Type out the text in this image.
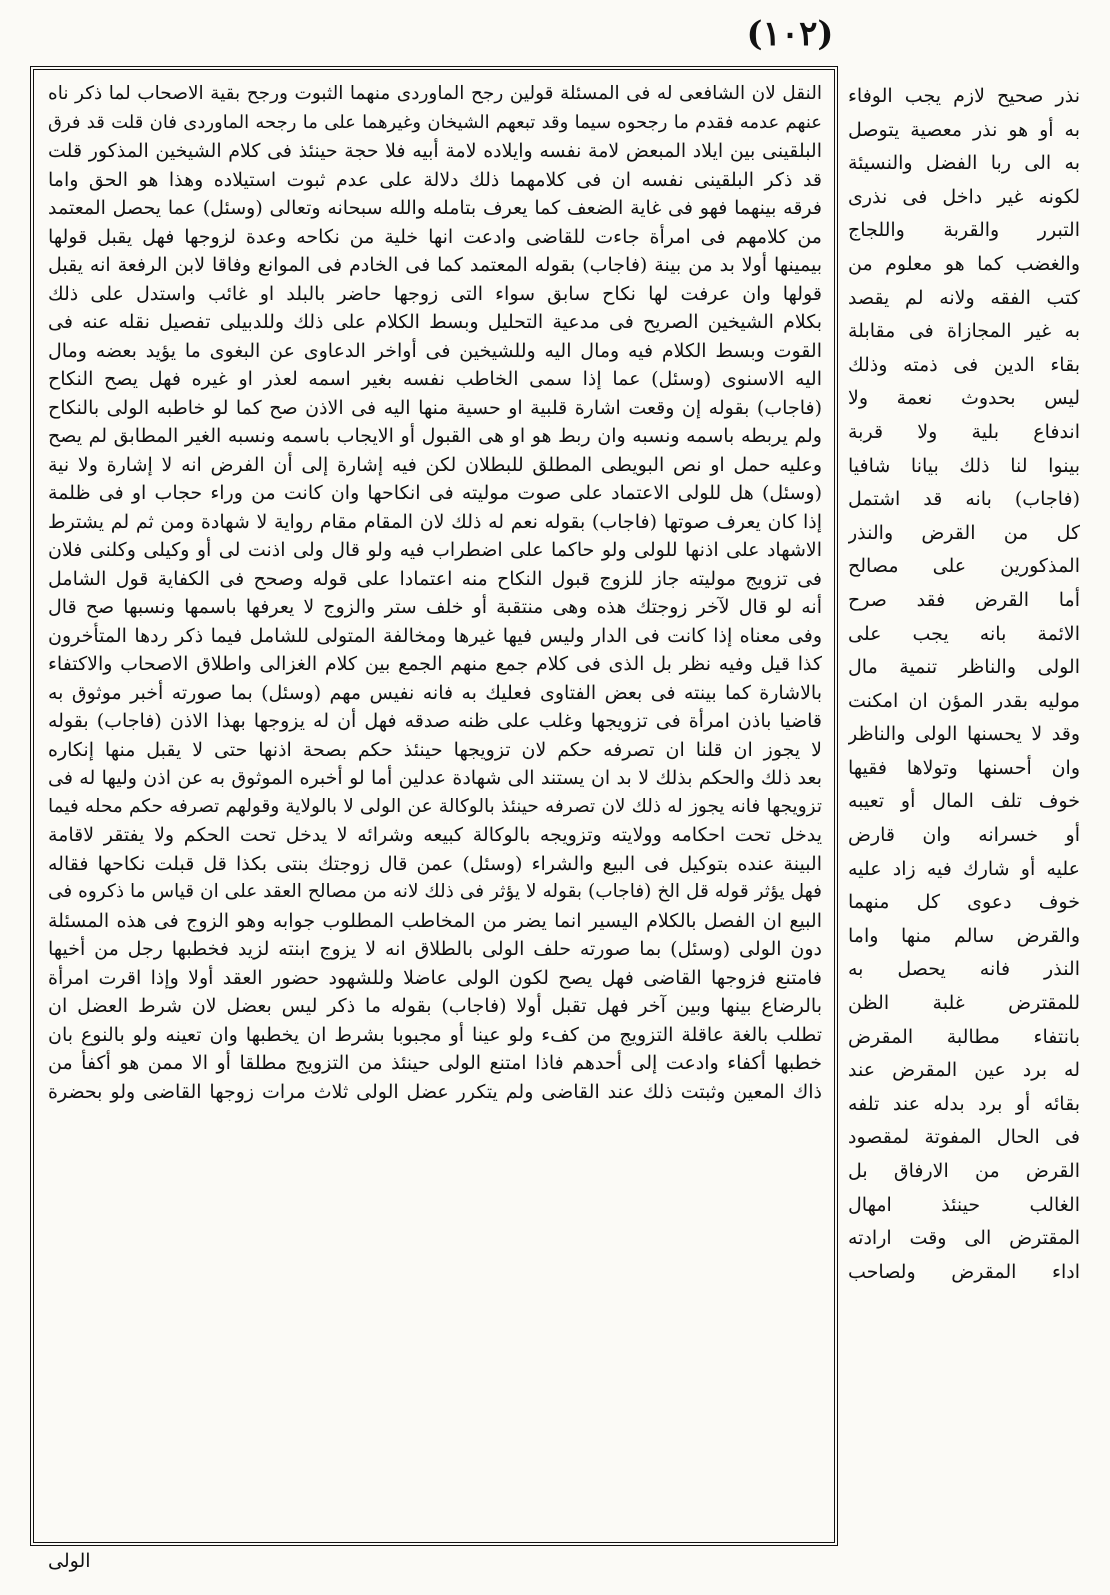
(١٠٢)
النقل لان الشافعى له فى المسئلة قولين رجح الماوردى منهما الثبوت ورجح بقية الاصحاب لما ذكر ناه
عنهم عدمه فقدم ما رجحوه سيما وقد تبعهم الشيخان وغيرهما على ما رجحه الماوردى فان قلت قد فرق
البلقينى بين ايلاد المبعض لامة نفسه وايلاده لامة أبيه فلا حجة حينئذ فى كلام الشيخين المذكور قلت
قد ذكر البلقينى نفسه ان فى كلامهما ذلك دلالة على عدم ثبوت استيلاده وهذا هو الحق واما
فرقه بينهما فهو فى غاية الضعف كما يعرف بتامله والله سبحانه وتعالى (وسئل) عما يحصل المعتمد
من كلامهم فى امرأة جاءت للقاضى وادعت انها خلية من نكاحه وعدة لزوجها فهل يقبل قولها
بيمينها أولا بد من بينة (فاجاب) بقوله المعتمد كما فى الخادم فى الموانع وفاقا لابن الرفعة انه يقبل
قولها وان عرفت لها نكاح سابق سواء التى زوجها حاضر بالبلد او غائب واستدل على ذلك
بكلام الشيخين الصريح فى مدعية التحليل وبسط الكلام على ذلك وللدبيلى تفصيل نقله عنه فى
القوت وبسط الكلام فيه ومال اليه وللشيخين فى أواخر الدعاوى عن البغوى ما يؤيد بعضه ومال
اليه الاسنوى (وسئل) عما إذا سمى الخاطب نفسه بغير اسمه لعذر او غيره فهل يصح النكاح
(فاجاب) بقوله إن وقعت اشارة قلبية او حسية منها اليه فى الاذن صح كما لو خاطبه الولى بالنكاح
ولم يربطه باسمه ونسبه وان ربط هو او هى القبول أو الايجاب باسمه ونسبه الغير المطابق لم يصح
وعليه حمل او نص البويطى المطلق للبطلان لكن فيه إشارة إلى أن الفرض انه لا إشارة ولا نية
(وسئل) هل للولى الاعتماد على صوت موليته فى انكاحها وان كانت من وراء حجاب او فى ظلمة
إذا كان يعرف صوتها (فاجاب) بقوله نعم له ذلك لان المقام مقام رواية لا شهادة ومن ثم لم يشترط
الاشهاد على اذنها للولى ولو حاكما على اضطراب فيه ولو قال ولى اذنت لى أو وكيلى وكلنى فلان
فى تزويج موليته جاز للزوج قبول النكاح منه اعتمادا على قوله وصحح فى الكفاية قول الشامل
أنه لو قال لآخر زوجتك هذه وهى منتقبة أو خلف ستر والزوج لا يعرفها باسمها ونسبها صح قال
وفى معناه إذا كانت فى الدار وليس فيها غيرها ومخالفة المتولى للشامل فيما ذكر ردها المتأخرون
كذا قيل وفيه نظر بل الذى فى كلام جمع منهم الجمع بين كلام الغزالى واطلاق الاصحاب والاكتفاء
بالاشارة كما بينته فى بعض الفتاوى فعليك به فانه نفيس مهم (وسئل) بما صورته أخبر موثوق به
قاضيا باذن امرأة فى تزويجها وغلب على ظنه صدقه فهل أن له يزوجها بهذا الاذن (فاجاب) بقوله
لا يجوز ان قلنا ان تصرفه حكم لان تزويجها حينئذ حكم بصحة اذنها حتى لا يقبل منها إنكاره
بعد ذلك والحكم بذلك لا بد ان يستند الى شهادة عدلين أما لو أخبره الموثوق به عن اذن وليها له فى
تزويجها فانه يجوز له ذلك لان تصرفه حينئذ بالوكالة عن الولى لا بالولاية وقولهم تصرفه حكم محله فيما
يدخل تحت احكامه وولايته وتزويجه بالوكالة كبيعه وشرائه لا يدخل تحت الحكم ولا يفتقر لاقامة
البينة عنده بتوكيل فى البيع والشراء (وسئل) عمن قال زوجتك بنتى بكذا قل قبلت نكاحها فقاله
فهل يؤثر قوله قل الخ (فاجاب) بقوله لا يؤثر فى ذلك لانه من مصالح العقد على ان قياس ما ذكروه فى
البيع ان الفصل بالكلام اليسير انما يضر من المخاطب المطلوب جوابه وهو الزوج فى هذه المسئلة
دون الولى (وسئل) بما صورته حلف الولى بالطلاق انه لا يزوج ابنته لزيد فخطبها رجل من أخيها
فامتنع فزوجها القاضى فهل يصح لكون الولى عاضلا وللشهود حضور العقد أولا وإذا اقرت امرأة
بالرضاع بينها وبين آخر فهل تقبل أولا (فاجاب) بقوله ما ذكر ليس بعضل لان شرط العضل ان
تطلب بالغة عاقلة التزويج من كفء ولو عينا أو مجبوبا بشرط ان يخطبها وان تعينه ولو بالنوع بان
خطبها أكفاء وادعت إلى أحدهم فاذا امتنع الولى حينئذ من التزويج مطلقا أو الا ممن هو أكفأ من
ذاك المعين وثبتت ذلك عند القاضى ولم يتكرر عضل الولى ثلاث مرات زوجها القاضى ولو بحضرة
نذر صحيح لازم يجب الوفاء
به أو هو نذر معصية يتوصل
به الى ربا الفضل والنسيئة
لكونه غير داخل فى نذرى
التبرر والقربة واللجاج
والغضب كما هو معلوم من
كتب الفقه ولانه لم يقصد
به غير المجازاة فى مقابلة
بقاء الدين فى ذمته وذلك
ليس بحدوث نعمة ولا
اندفاع بلية ولا قربة
بينوا لنا ذلك بيانا شافيا
(فاجاب) بانه قد اشتمل
كل من القرض والنذر
المذكورين على مصالح
أما القرض فقد صرح
الائمة بانه يجب على
الولى والناظر تنمية مال
موليه بقدر المؤن ان امكنت
وقد لا يحسنها الولى والناظر
وان أحسنها وتولاها فقيها
خوف تلف المال أو تعيبه
أو خسرانه وان قارض
عليه أو شارك فيه زاد عليه
خوف دعوى كل منهما
والقرض سالم منها واما
النذر فانه يحصل به
للمقترض غلبة الظن
بانتفاء مطالبة المقرض
له برد عين المقرض عند
بقائه أو برد بدله عند تلفه
فى الحال المفوتة لمقصود
القرض من الارفاق بل
الغالب حينئذ امهال
المقترض الى وقت ارادته
اداء المقرض ولصاحب
الولى
